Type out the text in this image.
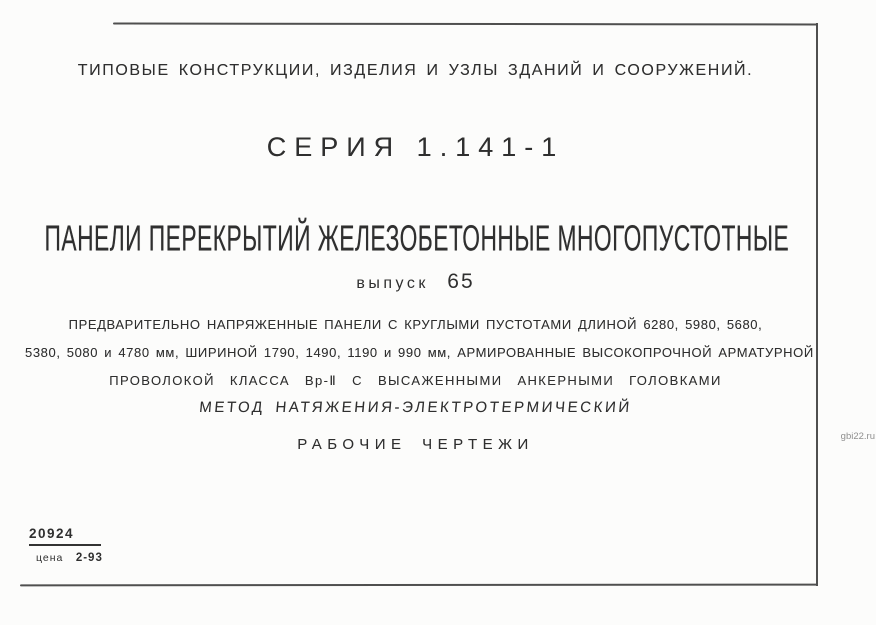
ТИПОВЫЕ КОНСТРУКЦИИ, ИЗДЕЛИЯ И УЗЛЫ ЗДАНИЙ И СООРУЖЕНИЙ.
СЕРИЯ 1.141-1
ПАНЕЛИ ПЕРЕКРЫТИЙ ЖЕЛЕЗОБЕТОННЫЕ МНОГОПУСТОТНЫЕ
выпуск 65
ПРЕДВАРИТЕЛЬНО НАПРЯЖЕННЫЕ ПАНЕЛИ С КРУГЛЫМИ ПУСТОТАМИ ДЛИНОЙ 6280, 5980, 5680,
5380, 5080 и 4780 мм, ШИРИНОЙ 1790, 1490, 1190 и 990 мм, АРМИРОВАННЫЕ ВЫСОКОПРОЧНОЙ АРМАТУРНОЙ
ПРОВОЛОКОЙ КЛАССА Вр-Ⅱ С ВЫСАЖЕННЫМИ АНКЕРНЫМИ ГОЛОВКАМИ
МЕТОД НАТЯЖЕНИЯ-ЭЛЕКТРОТЕРМИЧЕСКИЙ
РАБОЧИЕ ЧЕРТЕЖИ
20924
цена 2-93
gbi22.ru
